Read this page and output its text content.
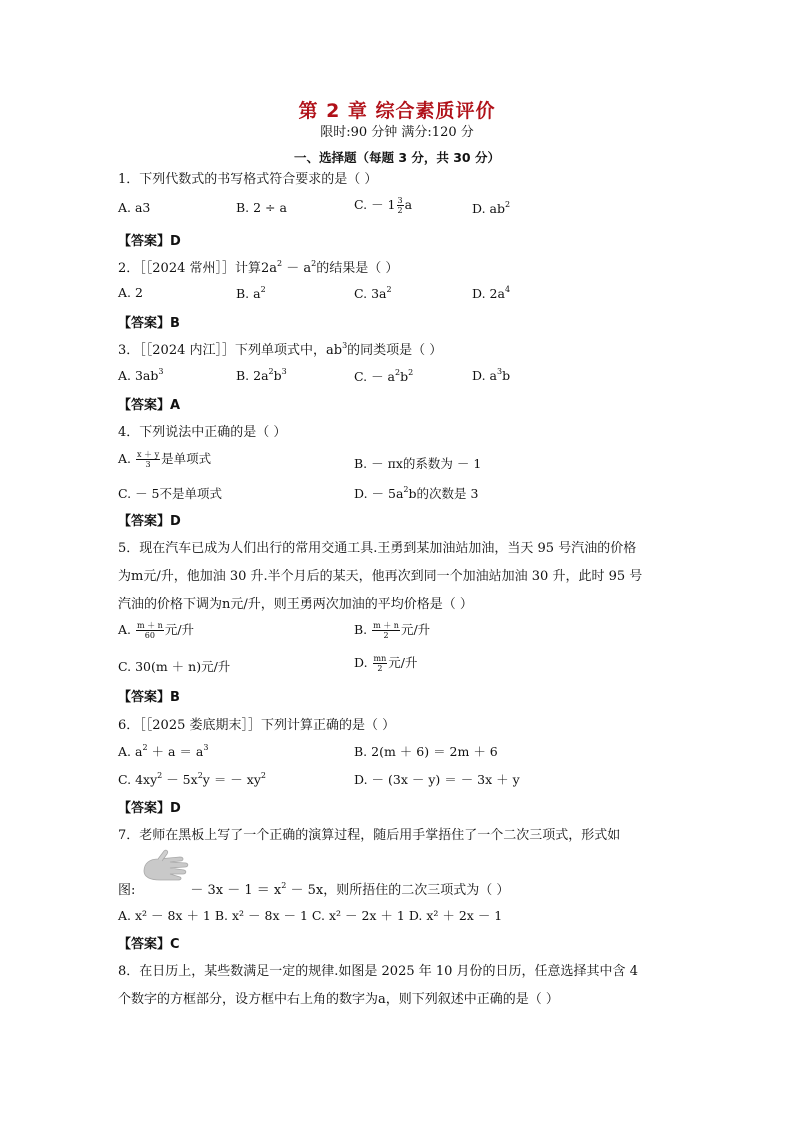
第 2 章 综合素质评价
限时:90 分钟 满分:120 分
一、选择题（每题 3 分，共 30 分）
1．下列代数式的书写格式符合要求的是（ ）
A. a3	B. 2 ÷ a	C. － $1 \frac{3}{2}$ a	D. $ab^2$
【答案】D
2．［［2024 常州］］计算$2a^2 - a^2$的结果是（ ）
A. 2	B. $a^2$	C. $3a^2$	D. $2a^4$
【答案】B
3．［［2024 内江］］下列单项式中，$ab^3$的同类项是（ ）
A. $3ab^3$	B. $2a^2b^3$	C. － $a^2b^2$	D. $a^3b$
【答案】A
4．下列说法中正确的是（ ）
A. $\frac{x + y}{3}$ 是单项式	B. － πx的系数为 － 1
C. － 5不是单项式	D. － $5a^2b$的次数是 3
【答案】D
5．现在汽车已成为人们出行的常用交通工具.王勇到某加油站加油，当天 95 号汽油的价格
为m元/升，他加油 30 升.半个月后的某天，他再次到同一个加油站加油 30 升，此时 95 号
汽油的价格下调为n元/升，则王勇两次加油的平均价格是（ ）
A. $\frac{m + n}{60}$ 元/升	B. $\frac{m + n}{2}$ 元/升
C. 30(m ＋ n)元/升	D. $\frac{mn}{2}$ 元/升
【答案】B
6．［［2025 娄底期末］］下列计算正确的是（ ）
A. $a^2 + a = a^3$	B. 2(m ＋ 6) ＝ 2m ＋ 6
C. $4xy^2 - 5x^2y$ ＝ － $xy^2$	D. － (3x － y) ＝ － 3x ＋ y
【答案】D
7．老师在黑板上写了一个正确的演算过程，随后用手掌捂住了一个二次三项式，形式如
图:	－ $3x - 1 = x^2 - 5x$，则所捂住的二次三项式为（ ）
A. x² － 8x ＋ 1 B. x² － 8x － 1 C. x² － 2x ＋ 1 D. x² ＋ 2x － 1
【答案】C
8．在日历上，某些数满足一定的规律.如图是 2025 年 10 月份的日历，任意选择其中含 4
个数字的方框部分，设方框中右上角的数字为a，则下列叙述中正确的是（ ）
